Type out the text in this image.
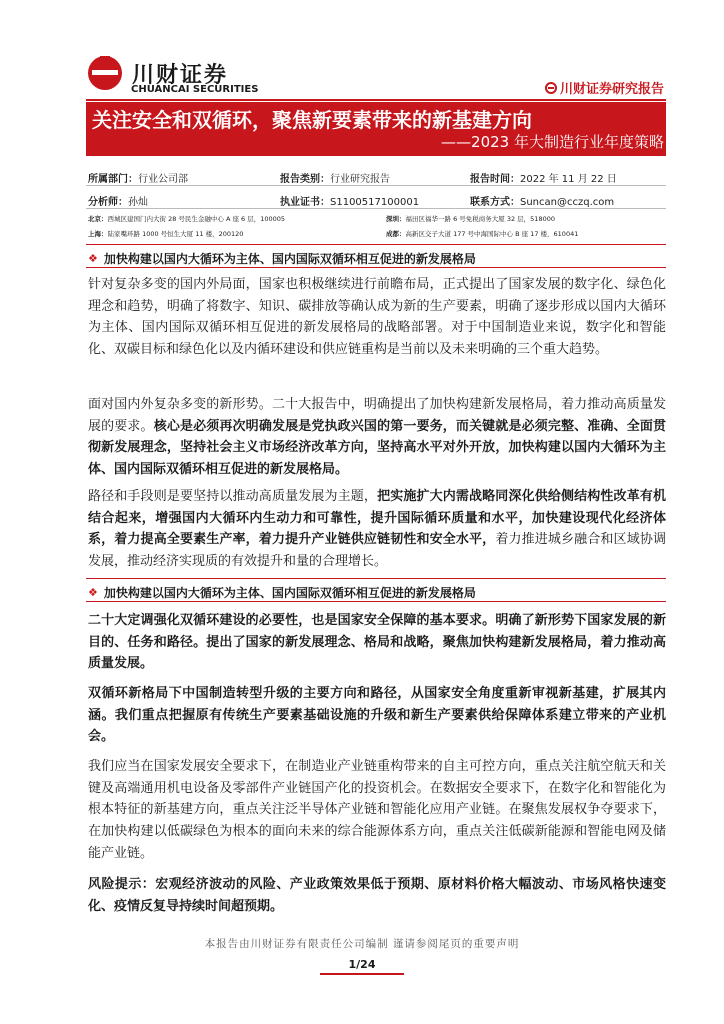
川财证券
CHUANCAI SECURITIES	川财证券研究报告
关注安全和双循环，聚焦新要素带来的新基建方向
——2023 年大制造行业年度策略
所属部门：行业公司部	报告类别：行业研究报告	报告时间：2022 年 11 月 22 日
分析师：孙灿	执业证书：S1100517100001	联系方式：Suncan@cczq.com
北京：西城区建国门内大街 28 号民生金融中心 A 座 6 层，100005	深圳：福田区福华一路 6 号免税商务大厦 32 层，518000
上海：陆家嘴环路 1000 号恒生大厦 11 楼，200120	成都：高新区交子大道 177 号中海国际中心 B 座 17 楼，610041
❖ 加快构建以国内大循环为主体、国内国际双循环相互促进的新发展格局
针对复杂多变的国内外局面，国家也积极继续进行前瞻布局，正式提出了国家发展的数字化、绿色化理念和趋势，明确了将数字、知识、碳排放等确认成为新的生产要素，明确了逐步形成以国内大循环为主体、国内国际双循环相互促进的新发展格局的战略部署。对于中国制造业来说，数字化和智能化、双碳目标和绿色化以及内循环建设和供应链重构是当前以及未来明确的三个重大趋势。
面对国内外复杂多变的新形势。二十大报告中，明确提出了加快构建新发展格局，着力推动高质量发展的要求。核心是必须再次明确发展是党执政兴国的第一要务，而关键就是必须完整、准确、全面贯彻新发展理念，坚持社会主义市场经济改革方向，坚持高水平对外开放，加快构建以国内大循环为主体、国内国际双循环相互促进的新发展格局。
路径和手段则是要坚持以推动高质量发展为主题，把实施扩大内需战略同深化供给侧结构性改革有机结合起来，增强国内大循环内生动力和可靠性，提升国际循环质量和水平，加快建设现代化经济体系，着力提高全要素生产率，着力提升产业链供应链韧性和安全水平，着力推进城乡融合和区域协调发展，推动经济实现质的有效提升和量的合理增长。
❖ 加快构建以国内大循环为主体、国内国际双循环相互促进的新发展格局
二十大定调强化双循环建设的必要性，也是国家安全保障的基本要求。明确了新形势下国家发展的新目的、任务和路径。提出了国家的新发展理念、格局和战略，聚焦加快构建新发展格局，着力推动高质量发展。
双循环新格局下中国制造转型升级的主要方向和路径，从国家安全角度重新审视新基建，扩展其内涵。我们重点把握原有传统生产要素基础设施的升级和新生产要素供给保障体系建立带来的产业机会。
我们应当在国家发展安全要求下，在制造业产业链重构带来的自主可控方向，重点关注航空航天和关键及高端通用机电设备及零部件产业链国产化的投资机会。在数据安全要求下，在数字化和智能化为根本特征的新基建方向，重点关注泛半导体产业链和智能化应用产业链。在聚焦发展权争夺要求下，在加快构建以低碳绿色为根本的面向未来的综合能源体系方向，重点关注低碳新能源和智能电网及储能产业链。
风险提示：宏观经济波动的风险、产业政策效果低于预期、原材料价格大幅波动、市场风格快速变化、疫情反复导持续时间超预期。
本报告由川财证券有限责任公司编制 谨请参阅尾页的重要声明
1/24
